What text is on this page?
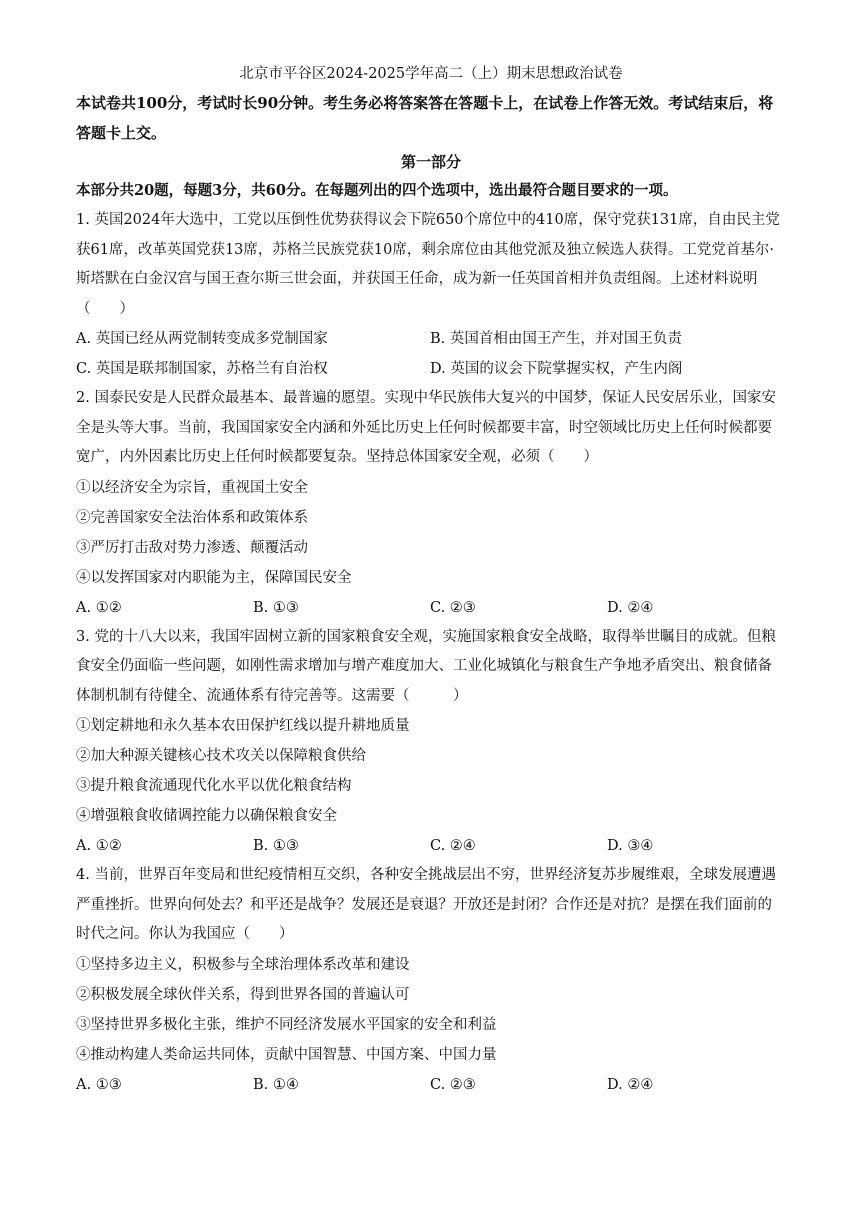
北京市平谷区2024-2025学年高二（上）期末思想政治试卷
本试卷共100分，考试时长90分钟。考生务必将答案答在答题卡上，在试卷上作答无效。考试结束后，将答题卡上交。
第一部分
本部分共20题，每题3分，共60分。在每题列出的四个选项中，选出最符合题目要求的一项。
1. 英国2024年大选中，工党以压倒性优势获得议会下院650个席位中的410席，保守党获131席，自由民主党获61席，改革英国党获13席，苏格兰民族党获10席，剩余席位由其他党派及独立候选人获得。工党党首基尔·斯塔默在白金汉宫与国王查尔斯三世会面，并获国王任命，成为新一任英国首相并负责组阁。上述材料说明（　　）
A. 英国已经从两党制转变成多党制国家	B. 英国首相由国王产生，并对国王负责
C. 英国是联邦制国家，苏格兰有自治权	D. 英国的议会下院掌握实权，产生内阁
2. 国泰民安是人民群众最基本、最普遍的愿望。实现中华民族伟大复兴的中国梦，保证人民安居乐业，国家安全是头等大事。当前，我国国家安全内涵和外延比历史上任何时候都要丰富，时空领域比历史上任何时候都要宽广，内外因素比历史上任何时候都要复杂。坚持总体国家安全观，必须（　　）
①以经济安全为宗旨，重视国土安全
②完善国家安全法治体系和政策体系
③严厉打击敌对势力渗透、颠覆活动
④以发挥国家对内职能为主，保障国民安全
A. ①②	B. ①③	C. ②③	D. ②④
3. 党的十八大以来，我国牢固树立新的国家粮食安全观，实施国家粮食安全战略，取得举世瞩目的成就。但粮食安全仍面临一些问题，如刚性需求增加与增产难度加大、工业化城镇化与粮食生产争地矛盾突出、粮食储备体制机制有待健全、流通体系有待完善等。这需要（　　　）
①划定耕地和永久基本农田保护红线以提升耕地质量
②加大种源关键核心技术攻关以保障粮食供给
③提升粮食流通现代化水平以优化粮食结构
④增强粮食收储调控能力以确保粮食安全
A. ①②	B. ①③	C. ②④	D. ③④
4. 当前，世界百年变局和世纪疫情相互交织，各种安全挑战层出不穷，世界经济复苏步履维艰，全球发展遭遇严重挫折。世界向何处去？和平还是战争？发展还是衰退？开放还是封闭？合作还是对抗？是摆在我们面前的时代之问。你认为我国应（　　）
①坚持多边主义，积极参与全球治理体系改革和建设
②积极发展全球伙伴关系，得到世界各国的普遍认可
③坚持世界多极化主张，维护不同经济发展水平国家的安全和利益
④推动构建人类命运共同体，贡献中国智慧、中国方案、中国力量
A. ①③	B. ①④	C. ②③	D. ②④
